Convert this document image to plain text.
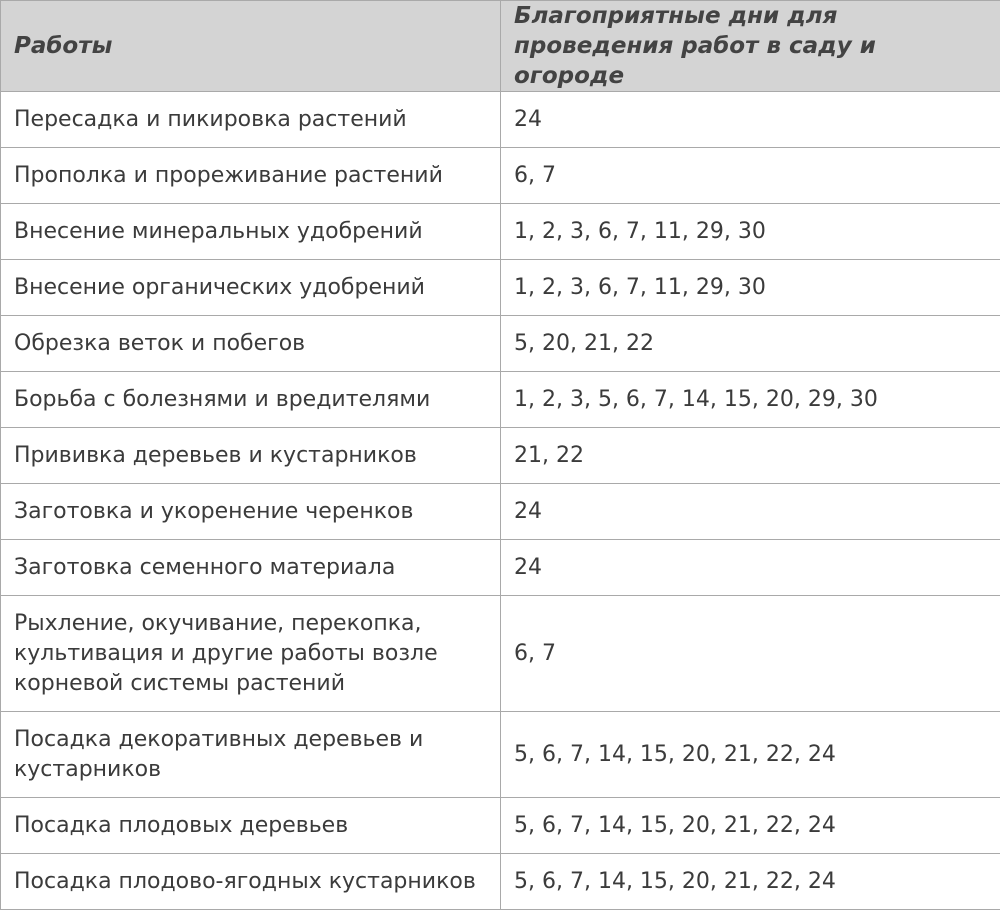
Работы	Благоприятные дни для проведения работ в саду и огороде
Пересадка и пикировка растений	24
Прополка и прореживание растений	6, 7
Внесение минеральных удобрений	1, 2, 3, 6, 7, 11, 29, 30
Внесение органических удобрений	1, 2, 3, 6, 7, 11, 29, 30
Обрезка веток и побегов	5, 20, 21, 22
Борьба с болезнями и вредителями	1, 2, 3, 5, 6, 7, 14, 15, 20, 29, 30
Прививка деревьев и кустарников	21, 22
Заготовка и укоренение черенков	24
Заготовка семенного материала	24
Рыхление, окучивание, перекопка, культивация и другие работы возле корневой системы растений	6, 7
Посадка декоративных деревьев и кустарников	5, 6, 7, 14, 15, 20, 21, 22, 24
Посадка плодовых деревьев	5, 6, 7, 14, 15, 20, 21, 22, 24
Посадка плодово-ягодных кустарников	5, 6, 7, 14, 15, 20, 21, 22, 24
